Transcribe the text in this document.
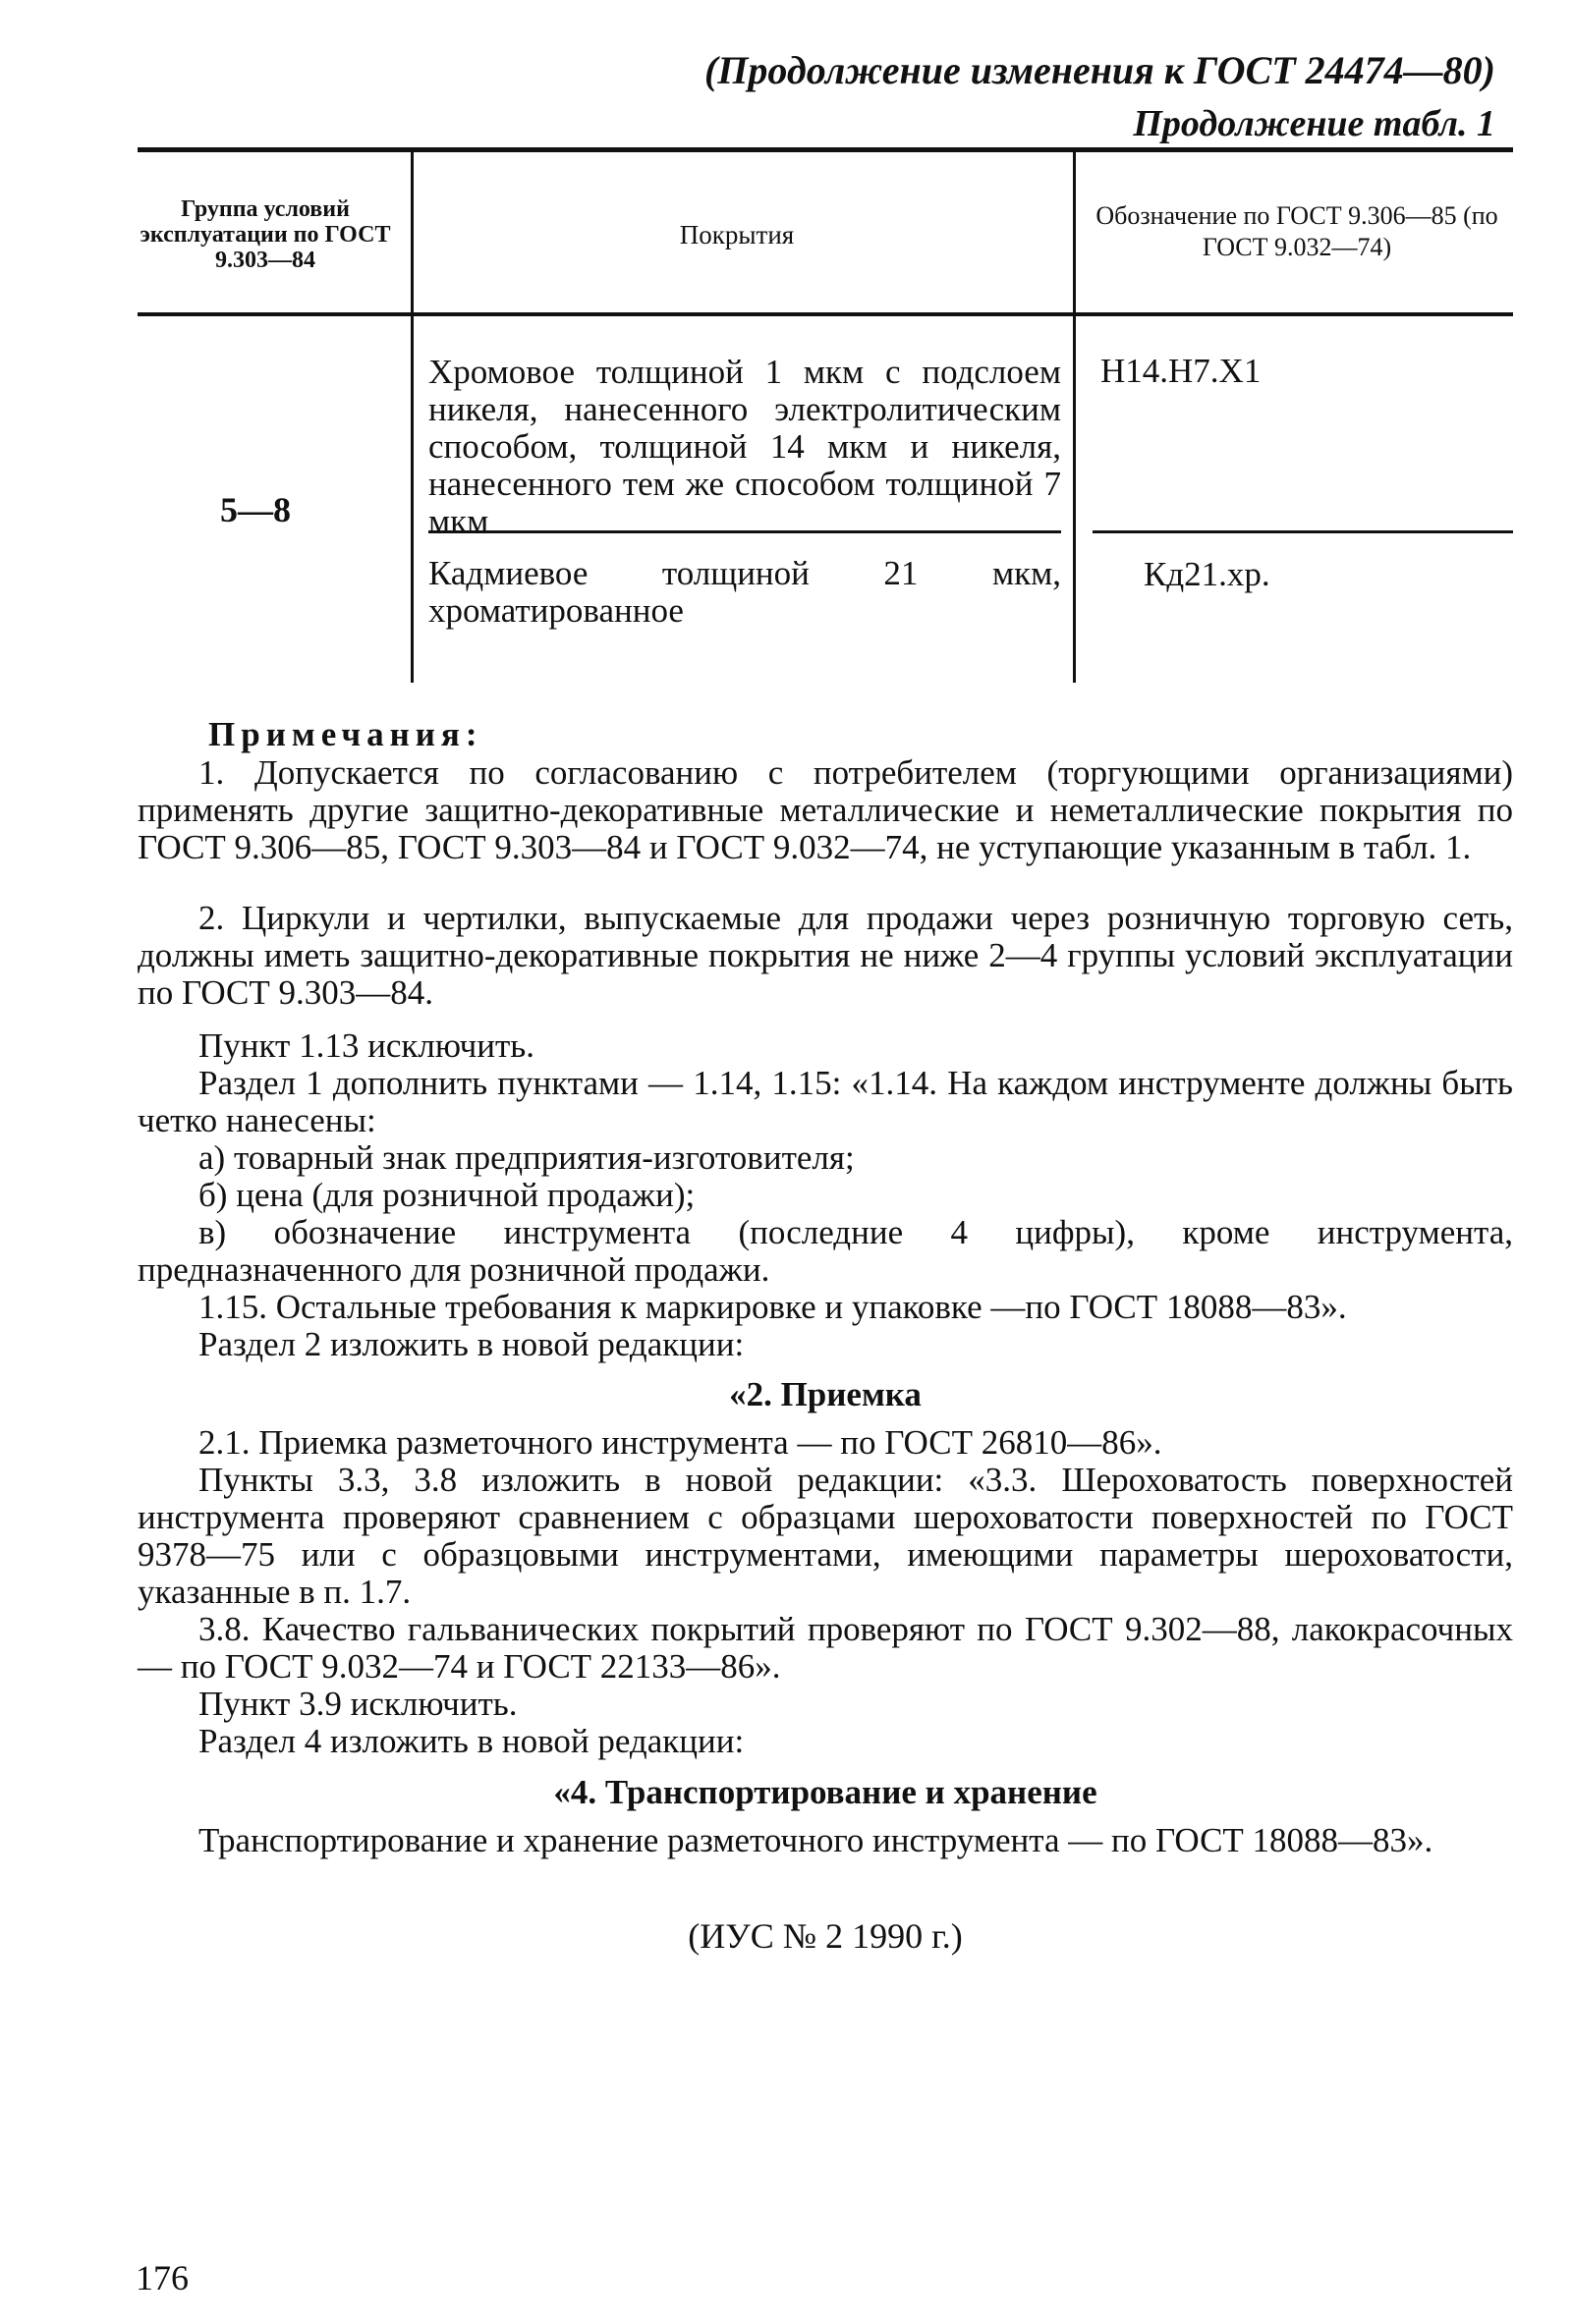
(Продолжение изменения к ГОСТ 24474—80)
Продолжение табл. 1
Группа условий эксплуатации по ГОСТ 9.303—84
Покрытия
Обозначение по ГОСТ 9.306—85 (по ГОСТ 9.032—74)
5—8
Хромовое толщиной 1 мкм с подслоем никеля, нанесенного электролитическим способом, толщиной 14 мкм и никеля, нанесенного тем же способом толщиной 7 мкм
Н14.Н7.Х1
Кадмиевое толщиной 21 мкм, хроматированное
Кд21.хр.
Примечания:
1. Допускается по согласованию с потребителем (торгующими организациями) применять другие защитно-декоративные металлические и неметаллические покрытия по ГОСТ 9.306—85, ГОСТ 9.303—84 и ГОСТ 9.032—74, не уступающие указанным в табл. 1.
2. Циркули и чертилки, выпускаемые для продажи через розничную торговую сеть, должны иметь защитно-декоративные покрытия не ниже 2—4 группы условий эксплуатации по ГОСТ 9.303—84.
Пункт 1.13 исключить.
Раздел 1 дополнить пунктами — 1.14, 1.15: «1.14. На каждом инструменте должны быть четко нанесены:
а) товарный знак предприятия-изготовителя;
б) цена (для розничной продажи);
в) обозначение инструмента (последние 4 цифры), кроме инструмента, предназначенного для розничной продажи.
1.15. Остальные требования к маркировке и упаковке —по ГОСТ 18088—83».
Раздел 2 изложить в новой редакции:
«2. Приемка
2.1. Приемка разметочного инструмента — по ГОСТ 26810—86».
Пункты 3.3, 3.8 изложить в новой редакции: «3.3. Шероховатость поверхностей инструмента проверяют сравнением с образцами шероховатости поверхностей по ГОСТ 9378—75 или с образцовыми инструментами, имеющими параметры шероховатости, указанные в п. 1.7.
3.8. Качество гальванических покрытий проверяют по ГОСТ 9.302—88, лакокрасочных — по ГОСТ 9.032—74 и ГОСТ 22133—86».
Пункт 3.9 исключить.
Раздел 4 изложить в новой редакции:
«4. Транспортирование и хранение
Транспортирование и хранение разметочного инструмента — по ГОСТ 18088—83».
(ИУС № 2 1990 г.)
176
